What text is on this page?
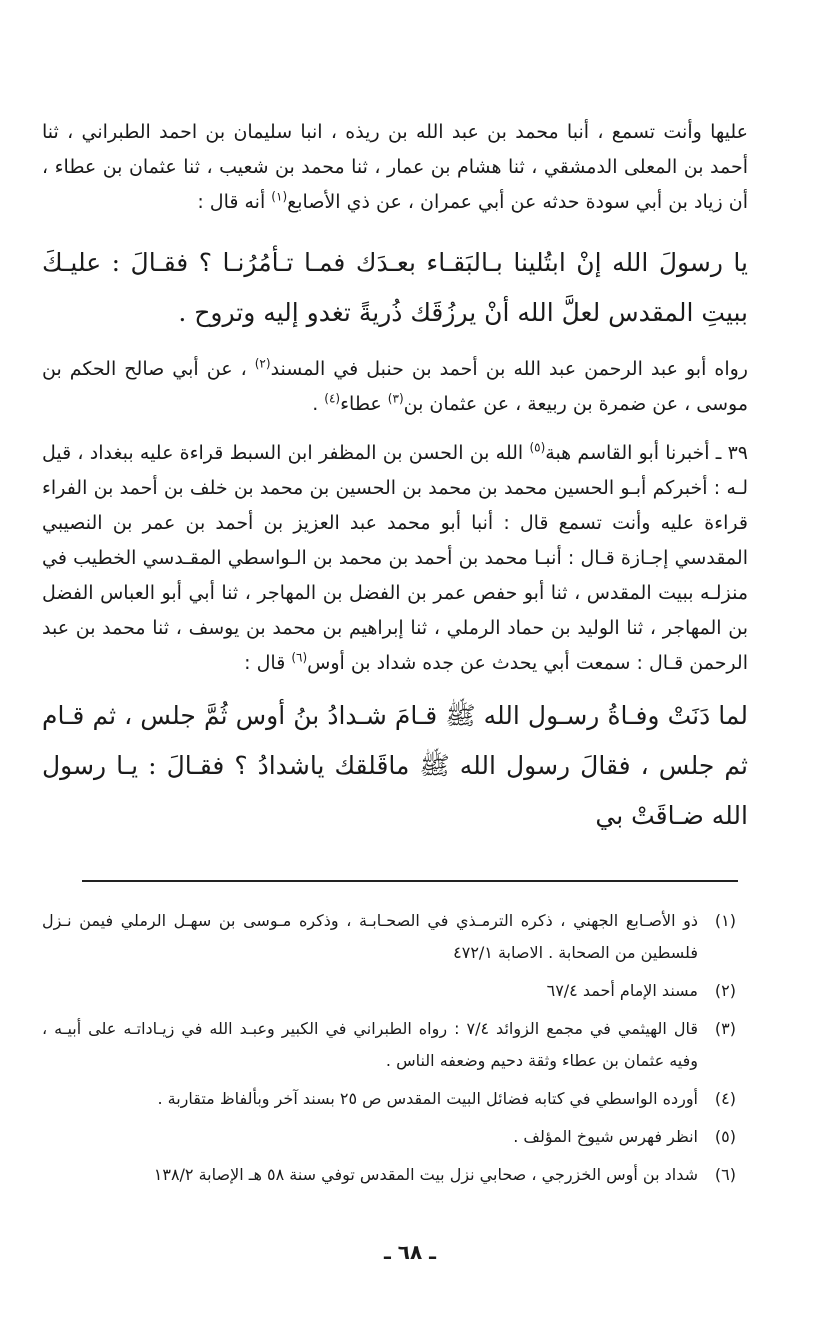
عليها وأنت تسمع ، أنبا محمد بن عبد الله بن ريذه ، انبا سليمان بن احمد الطبراني ، ثنا أحمد بن المعلى الدمشقي ، ثنا هشام بن عمار ، ثنا محمد بن شعيب ، ثنا عثمان بن عطاء ، أن زياد بن أبي سودة حدثه عن أبي عمران ، عن ذي الأصابع$^{(١)}$ أنه قال :

يا رسولَ الله إنْ ابتُلينا بـالبَقـاء بعـدَك فمـا تـأمُرُنـا ؟ فقـالَ : عليـكَ ببيتِ المقدس لعلَّ الله أنْ يرزُقَك ذُريةً تغدو إليه وتروح .

رواه أبو عبد الرحمن عبد الله بن أحمد بن حنبل في المسند$^{(٢)}$ ، عن أبي صالح الحكم بن موسى ، عن ضمرة بن ربيعة ، عن عثمان بن$^{(٣)}$ عطاء$^{(٤)}$ .

٣٩ ـ أخبرنا أبو القاسم هبة$^{(٥)}$ الله بن الحسن بن المظفر ابن السبط قراءة عليه ببغداد ، قيل لـه : أخبركم أبـو الحسين محمد بن محمد بن الحسين بن محمد بن خلف بن أحمد بن الفراء قراءة عليه وأنت تسمع قال : أنبا أبو محمد عبد العزيز بن أحمد بن عمر بن النصيبي المقدسي إجـازة قـال : أنبـا محمد بن أحمد بن محمد بن الـواسطي المقـدسي الخطيب في منزلـه ببيت المقدس ، ثنا أبو حفص عمر بن الفضل بن المهاجر ، ثنا أبي أبو العباس الفضل بن المهاجر ، ثنا الوليد بن حماد الرملي ، ثنا إبراهيم بن محمد بن يوسف ، ثنا محمد بن عبد الرحمن قـال : سمعت أبي يحدث عن جده شداد بن أوس$^{(٦)}$ قال :

لما دَنَتْ وفـاةُ رسـول الله ﷺ قـامَ شـدادُ بنُ أوس ثُمَّ جلس ، ثم قـام ثم جلس ، فقالَ رسول الله ﷺ ماقَلقك ياشدادُ ؟ فقـالَ : يـا رسول الله ضـاقَتْ بي

(١)
ذو الأصـابع الجهني ، ذكره الترمـذي في الصحـابـة ، وذكره مـوسى بن سهـل الرملي فيمن نـزل فلسطين من الصحابة . الاصابة ٤٧٢/١
(٢)
مسند الإمام أحمد ٦٧/٤
(٣)
قال الهيثمي في مجمع الزوائد ٧/٤ : رواه الطبراني في الكبير وعبـد الله في زيـاداتـه على أبيـه ، وفيه عثمان بن عطاء وثقة دحيم وضعفه الناس .
(٤)
أورده الواسطي في كتابه فضائل البيت المقدس ص ٢٥ بسند آخر وبألفاظ متقاربة .
(٥)
انظر فهرس شيوخ المؤلف .
(٦)
شداد بن أوس الخزرجي ، صحابي نزل بيت المقدس توفي سنة ٥٨ هـ الإصابة ١٣٨/٢
ـ ٦٨ ـ
